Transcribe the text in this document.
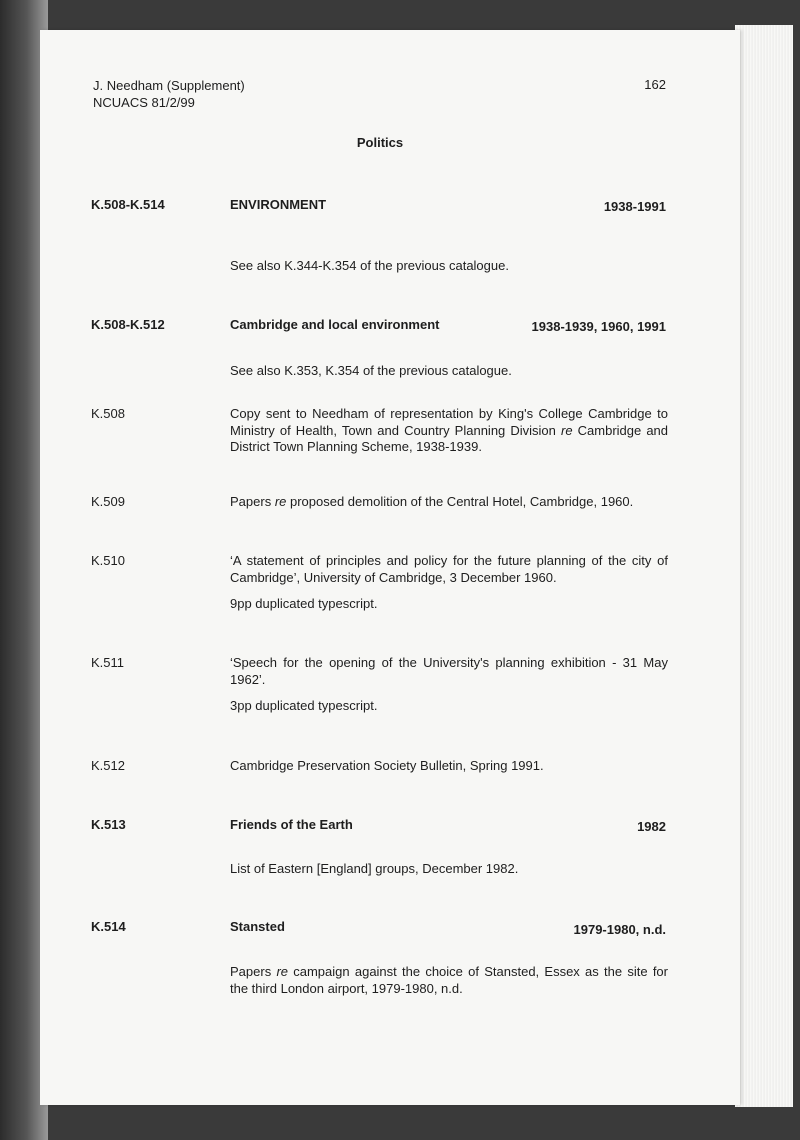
J. Needham (Supplement)
NCUACS 81/2/99
162
Politics
K.508-K.514	ENVIRONMENT	1938-1991
See also K.344-K.354 of the previous catalogue.
K.508-K.512	Cambridge and local environment	1938-1939, 1960, 1991
See also K.353, K.354 of the previous catalogue.
K.508	Copy sent to Needham of representation by King's College Cambridge to Ministry of Health, Town and Country Planning Division re Cambridge and District Town Planning Scheme, 1938-1939.
K.509	Papers re proposed demolition of the Central Hotel, Cambridge, 1960.
K.510	‘A statement of principles and policy for the future planning of the city of Cambridge’, University of Cambridge, 3 December 1960.
9pp duplicated typescript.
K.511	‘Speech for the opening of the University's planning exhibition - 31 May 1962’.
3pp duplicated typescript.
K.512	Cambridge Preservation Society Bulletin, Spring 1991.
K.513	Friends of the Earth	1982
List of Eastern [England] groups, December 1982.
K.514	Stansted	1979-1980, n.d.
Papers re campaign against the choice of Stansted, Essex as the site for the third London airport, 1979-1980, n.d.
